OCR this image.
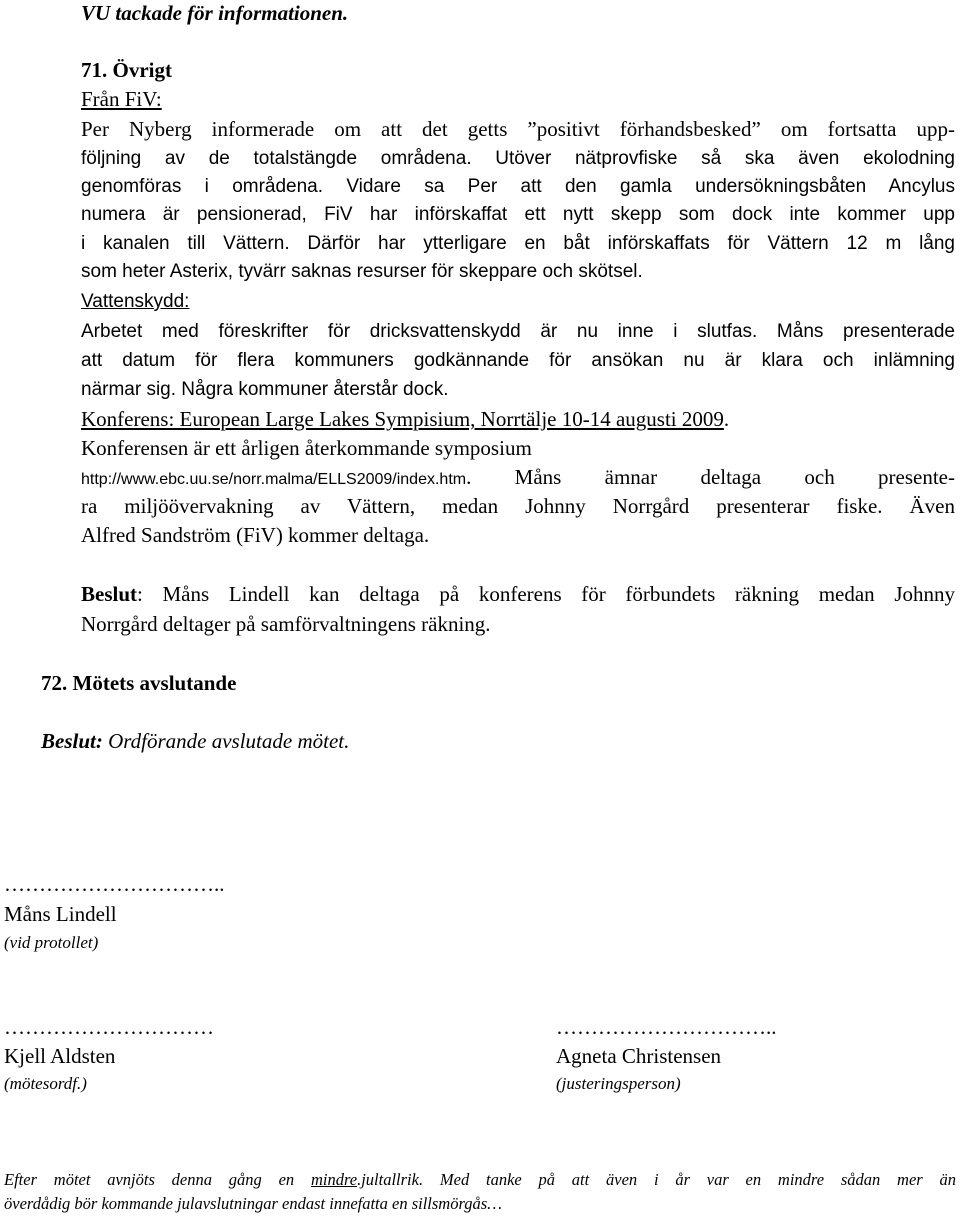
VU tackade för informationen.
71. Övrigt
Från FiV:
Per Nyberg informerade om att det getts ”positivt förhandsbesked” om fortsatta upp-
följning av de totalstängde områdena. Utöver nätprovfiske så ska även ekolodning
genomföras i områdena. Vidare sa Per att den gamla undersökningsbåten Ancylus
numera är pensionerad, FiV har införskaffat ett nytt skepp som dock inte kommer upp
i kanalen till Vättern. Därför har ytterligare en båt införskaffats för Vättern 12 m lång
som heter Asterix, tyvärr saknas resurser för skeppare och skötsel.
Vattenskydd:
Arbetet med föreskrifter för dricksvattenskydd är nu inne i slutfas. Måns presenterade
att datum för flera kommuners godkännande för ansökan nu är klara och inlämning
närmar sig. Några kommuner återstår dock.
Konferens: European Large Lakes Sympisium, Norrtälje 10-14 augusti 2009.
Konferensen är ett årligen återkommande symposium
http://www.ebc.uu.se/norr.malma/ELLS2009/index.htm. Måns ämnar deltaga och presente-
ra miljöövervakning av Vättern, medan Johnny Norrgård presenterar fiske. Även
Alfred Sandström (FiV) kommer deltaga.
Beslut: Måns Lindell kan deltaga på konferens för förbundets räkning medan Johnny
Norrgård deltager på samförvaltningens räkning.
72. Mötets avslutande
Beslut: Ordförande avslutade mötet.
…………………………..
Måns Lindell
(vid protollet)
…………………………
Kjell Aldsten
(mötesordf.)
…………………………..
Agneta Christensen
(justeringsperson)
Efter mötet avnjöts denna gång en mindre.jultallrik. Med tanke på att även i år var en mindre sådan mer än
överdådig bör kommande julavslutningar endast innefatta en sillsmörgås…
